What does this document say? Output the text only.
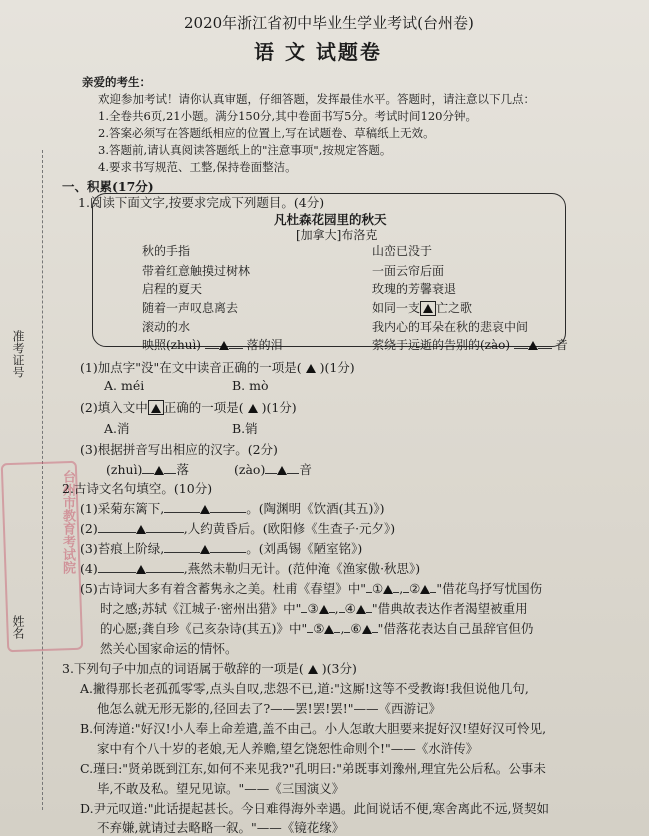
准考证号
姓名
台州市教育考试院
2020年浙江省初中毕业生学业考试(台州卷)
语 文 试题卷
亲爱的考生：
欢迎参加考试！请你认真审题，仔细答题，发挥最佳水平。答题时，请注意以下几点：
1.全卷共6页,21小题。满分150分,其中卷面书写5分。考试时间120分钟。
2.答案必须写在答题纸相应的位置上,写在试题卷、草稿纸上无效。
3.答题前,请认真阅读答题纸上的"注意事项",按规定答题。
4.要求书写规范、工整,保持卷面整洁。
一、积累(17分)
1.阅读下面文字,按要求完成下列题目。(4分)
凡杜森花园里的秋天
[加拿大]布洛克
秋的手指
带着红意触摸过树林
启程的夏天
随着一声叹息离去
滚动的水
映照(zhuì)	落的泪
山峦已没于
一面云帘后面
玫瑰的芳馨衰退
如同一支 亡之歌
我内心的耳朵在秋的悲哀中间
萦绕于远逝的告别的(zào)	音
(1)加点字"没"在文中读音正确的一项是( )(1分)
A. méi	B. mò
(2)填入文中 正确的一项是( )(1分)
A.消	B.销
(3)根据拼音写出相应的汉字。(2分)
(zhuì)	落	(zào)	音
2.古诗文名句填空。(10分)
(1)采菊东篱下,	。(陶渊明《饮酒(其五)》)
(2)	,人约黄昏后。(欧阳修《生查子·元夕》)
(3)苔痕上阶绿,	。(刘禹锡《陋室铭》)
(4)	,燕然未勒归无计。(范仲淹《渔家傲·秋思》)
(5)古诗词大多有着含蓄隽永之美。杜甫《春望》中" ① , ② "借花鸟抒写忧国伤
时之感;苏轼《江城子·密州出猎》中" ③ , ④ "借典故表达作者渴望被重用
的心愿;龚自珍《己亥杂诗(其五)》中" ⑤ , ⑥ "借落花表达自己虽辞官但仍
然关心国家命运的情怀。
3.下列句子中加点的词语属于敬辞的一项是( )(3分)
A.撇得那长老孤孤零零,点头自叹,悲怨不已,道:"这厮!这等不受教诲!我但说他几句,
他怎么就无形无影的,径回去了?——罢!罢!罢!"——《西游记》
B.何涛道:"好汉!小人奉上命差遣,盖不由己。小人怎敢大胆要来捉好汉!望好汉可怜见,
家中有个八十岁的老娘,无人养赡,望乞饶恕性命则个!"——《水浒传》
C.瑾曰:"贤弟既到江东,如何不来见我?"孔明曰:"弟既事刘豫州,理宜先公后私。公事未
毕,不敢及私。望兄见谅。"——《三国演义》
D.尹元叹道:"此话提起甚长。今日难得海外幸遇。此间说话不便,寒舍离此不远,贤契如
不弃嫌,就请过去略略一叙。"——《镜花缘》
